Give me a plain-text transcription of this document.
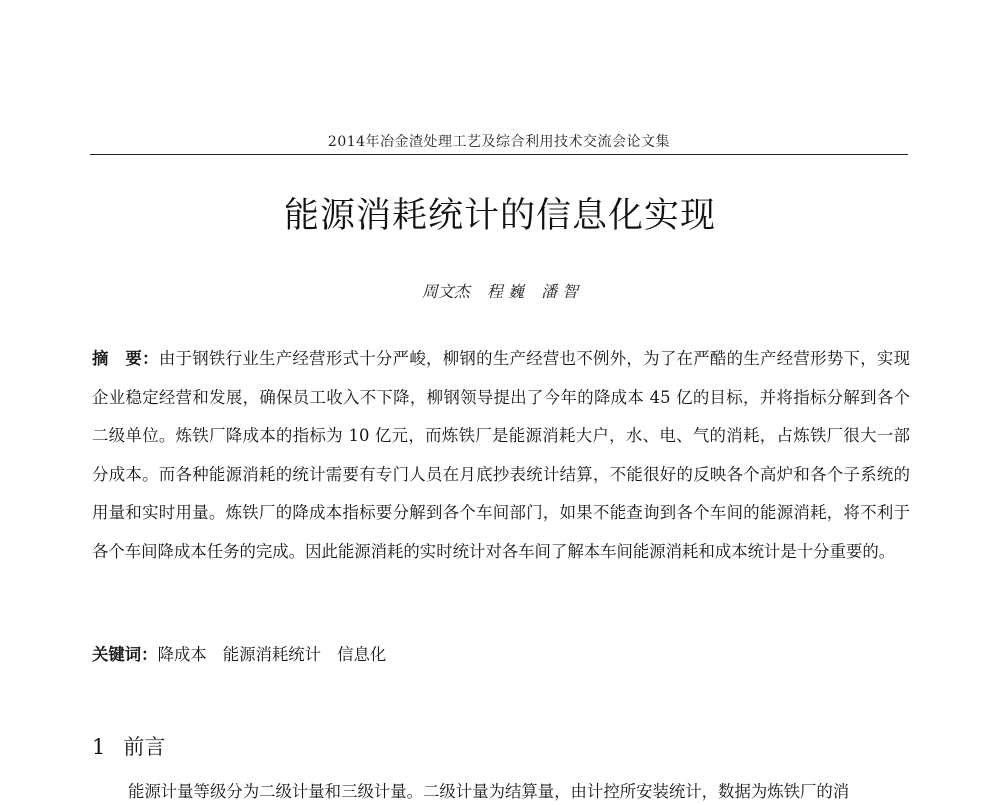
2014年冶金渣处理工艺及综合利用技术交流会论文集
能源消耗统计的信息化实现
周文杰 程 巍 潘 智
摘　要：由于钢铁行业生产经营形式十分严峻，柳钢的生产经营也不例外，为了在严酷的生产经营形势下，实现企业稳定经营和发展，确保员工收入不下降，柳钢领导提出了今年的降成本 45 亿的目标，并将指标分解到各个二级单位。炼铁厂降成本的指标为 10 亿元，而炼铁厂是能源消耗大户，水、电、气的消耗，占炼铁厂很大一部分成本。而各种能源消耗的统计需要有专门人员在月底抄表统计结算，不能很好的反映各个高炉和各个子系统的用量和实时用量。炼铁厂的降成本指标要分解到各个车间部门，如果不能查询到各个车间的能源消耗，将不利于各个车间降成本任务的完成。因此能源消耗的实时统计对各车间了解本车间能源消耗和成本统计是十分重要的。
关键词：降成本 能源消耗统计 信息化
1 前言
能源计量等级分为二级计量和三级计量。二级计量为结算量，由计控所安装统计，数据为炼铁厂的消
